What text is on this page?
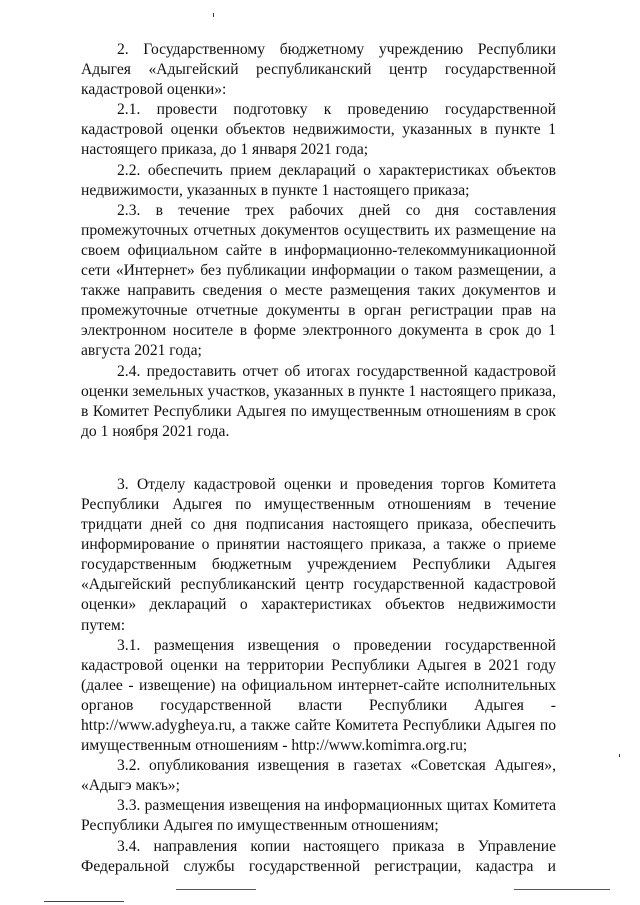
2. Государственному бюджетному учреждению Республики Адыгея «Адыгейский республиканский центр государственной кадастровой оценки»:

2.1. провести подготовку к проведению государственной кадастровой оценки объектов недвижимости, указанных в пункте 1 настоящего приказа, до 1 января 2021 года;

2.2. обеспечить прием деклараций о характеристиках объектов недвижимости, указанных в пункте 1 настоящего приказа;

2.3. в течение трех рабочих дней со дня составления промежуточных отчетных документов осуществить их размещение на своем официальном сайте в информационно-телекоммуникационной сети «Интернет» без публикации информации о таком размещении, а также направить сведения о месте размещения таких документов и промежуточные отчетные документы в орган регистрации прав на электронном носителе в форме электронного документа в срок до 1 августа 2021 года;

2.4. предоставить отчет об итогах государственной кадастровой оценки земельных участков, указанных в пункте 1 настоящего приказа, в Комитет Республики Адыгея по имущественным отношениям в срок до 1 ноября 2021 года.

3. Отделу кадастровой оценки и проведения торгов Комитета Республики Адыгея по имущественным отношениям в течение тридцати дней со дня подписания настоящего приказа, обеспечить информирование о принятии настоящего приказа, а также о приеме государственным бюджетным учреждением Республики Адыгея «Адыгейский республиканский центр государственной кадастровой оценки» деклараций о характеристиках объектов недвижимости путем:

3.1. размещения извещения о проведении государственной кадастровой оценки на территории Республики Адыгея в 2021 году (далее - извещение) на официальном интернет-сайте исполнительных органов государственной власти Республики Адыгея - http://www.adygheya.ru, а также сайте Комитета Республики Адыгея по имущественным отношениям - http://www.komimra.org.ru;

3.2. опубликования извещения в газетах «Советская Адыгея», «Адыгэ макъ»;

3.3. размещения извещения на информационных щитах Комитета Республики Адыгея по имущественным отношениям;

3.4. направления копии настоящего приказа в Управление Федеральной службы государственной регистрации, кадастра и
